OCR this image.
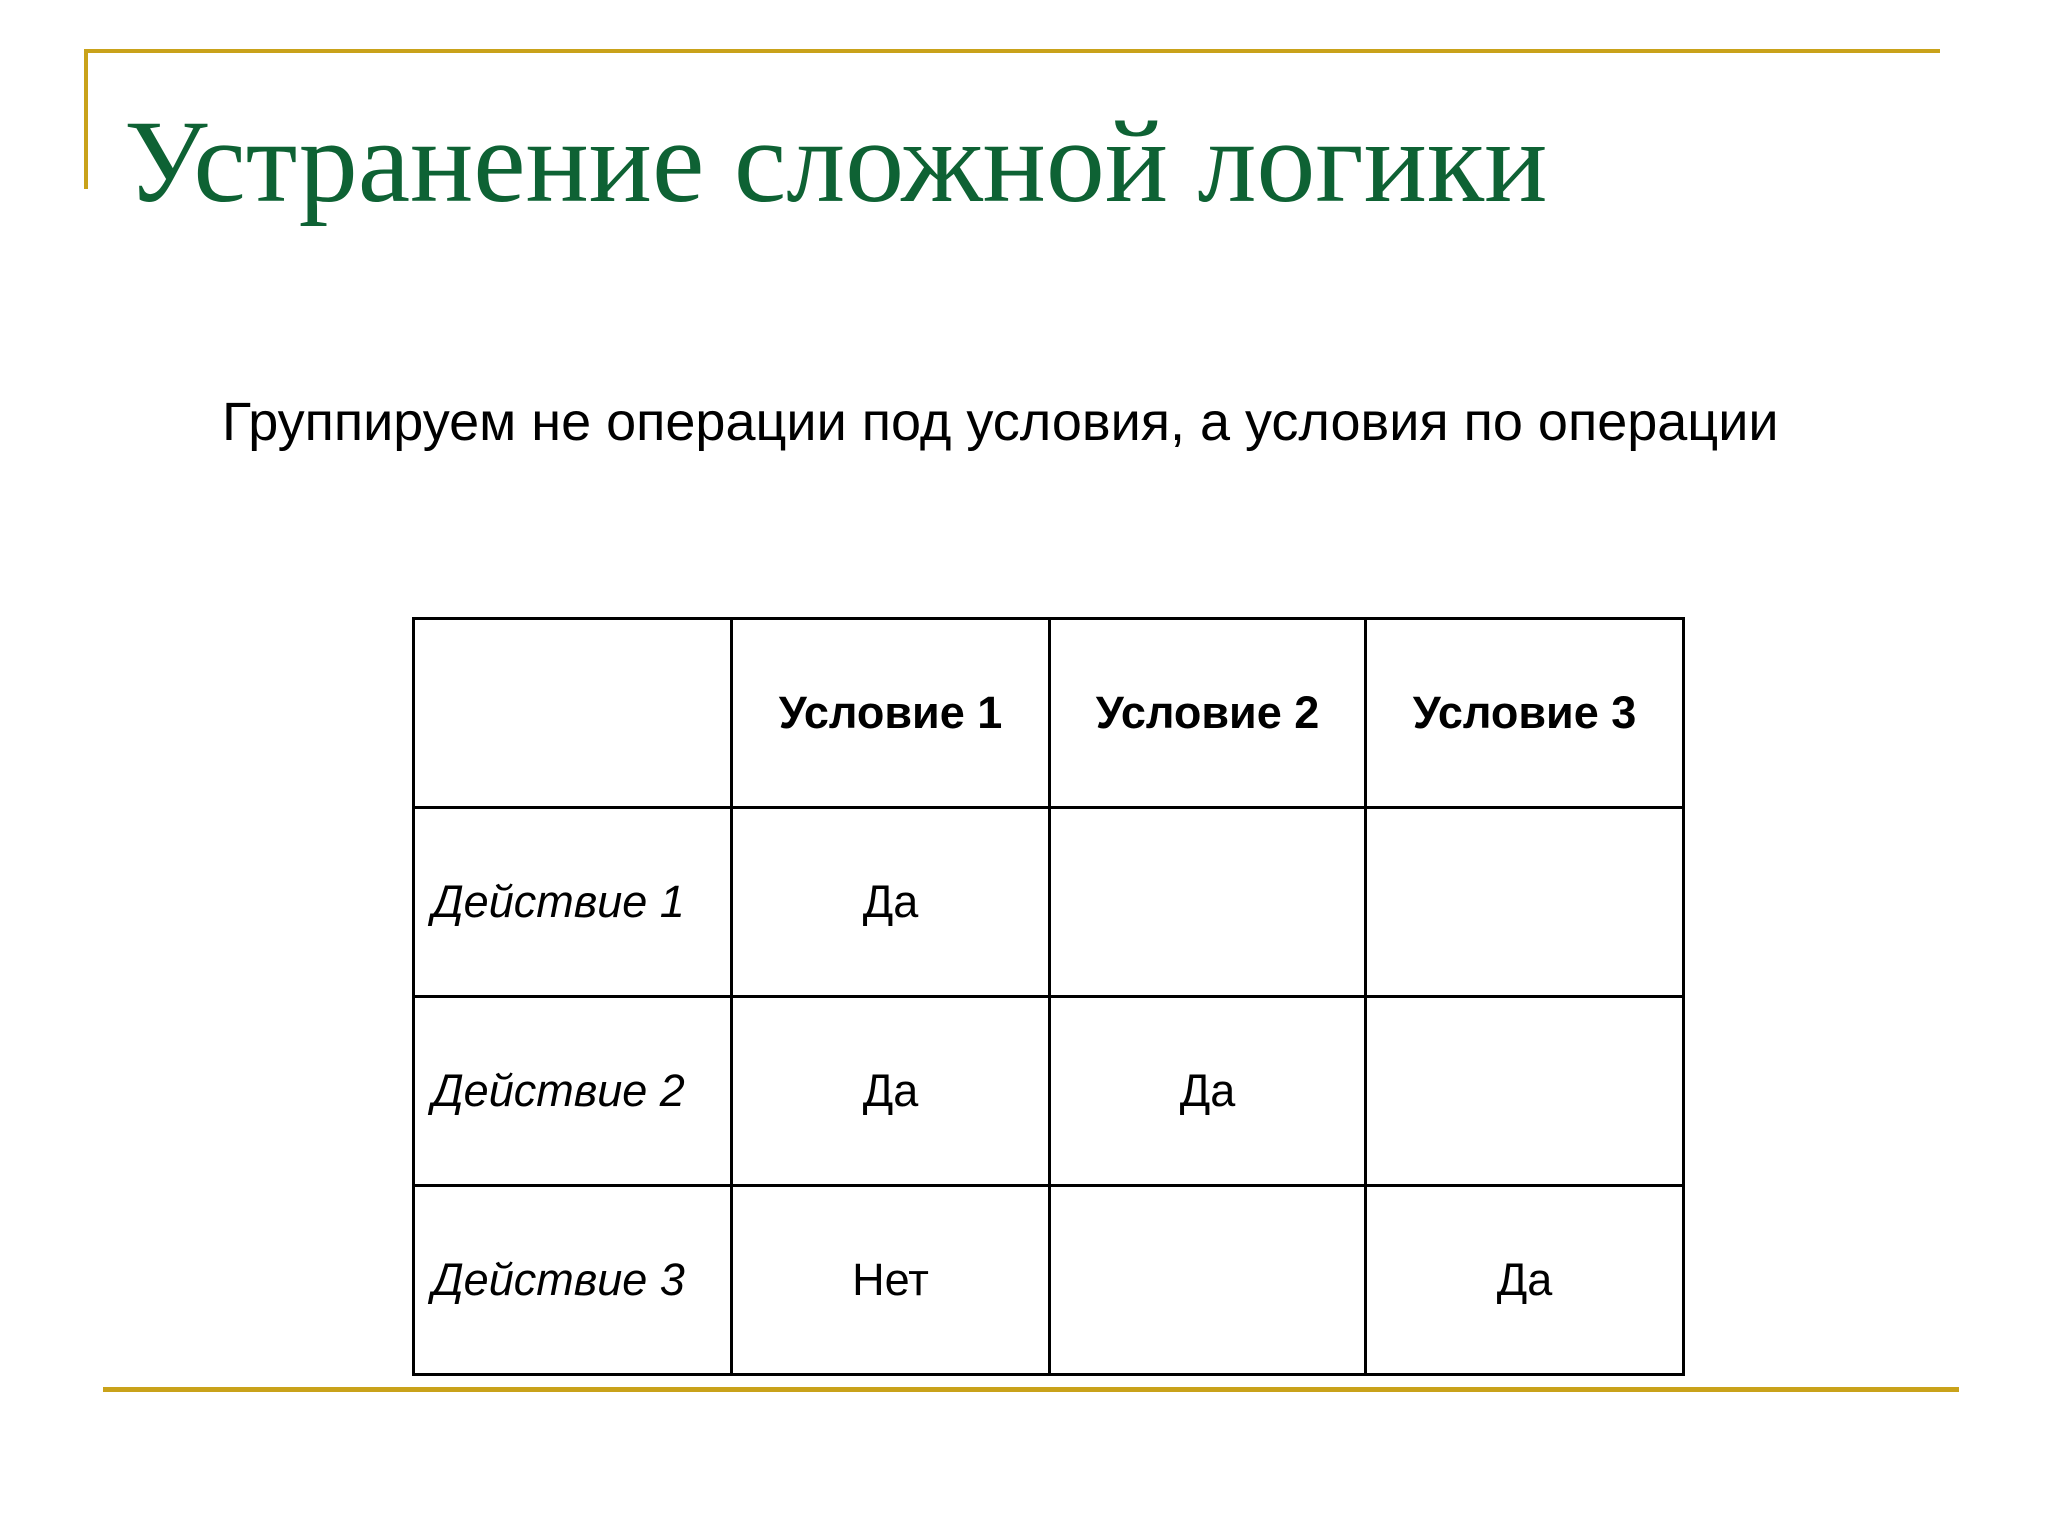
Устранение сложной логики

Группируем не операции под условия, а условия по операции

	Условие 1	Условие 2	Условие 3
Действие 1	Да		
Действие 2	Да	Да	
Действие 3	Нет		Да
